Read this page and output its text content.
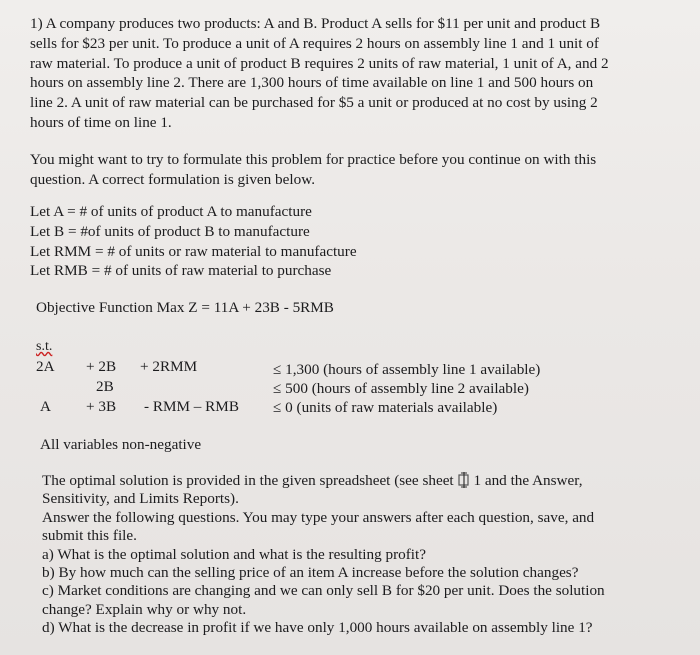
1) A company produces two products: A and B. Product A sells for $11 per unit and product B
sells for $23 per unit. To produce a unit of A requires 2 hours on assembly line 1 and 1 unit of
raw material. To produce a unit of product B requires 2 units of raw material, 1 unit of A, and 2
hours on assembly line 2. There are 1,300 hours of time available on line 1 and 500 hours on
line 2. A unit of raw material can be purchased for $5 a unit or produced at no cost by using 2
hours of time on line 1.
You might want to try to formulate this problem for practice before you continue on with this
question. A correct formulation is given below.
Let A = # of units of product A to manufacture
Let B = #of units of product B to manufacture
Let RMM = # of units or raw material to manufacture
Let RMB = # of units of raw material to purchase
Objective Function Max Z = 11A + 23B - 5RMB
s.t.
2A + 2B + 2RMM	≤ 1,300 (hours of assembly line 1 available)
2B	≤ 500 (hours of assembly line 2 available)
A + 3B - RMM – RMB ≤ 0 (units of raw materials available)
All variables non-negative
The optimal solution is provided in the given spreadsheet (see sheet 1 and the Answer,
Sensitivity, and Limits Reports).
Answer the following questions. You may type your answers after each question, save, and
submit this file.
a) What is the optimal solution and what is the resulting profit?
b) By how much can the selling price of an item A increase before the solution changes?
c) Market conditions are changing and we can only sell B for $20 per unit. Does the solution
change? Explain why or why not.
d) What is the decrease in profit if we have only 1,000 hours available on assembly line 1?
